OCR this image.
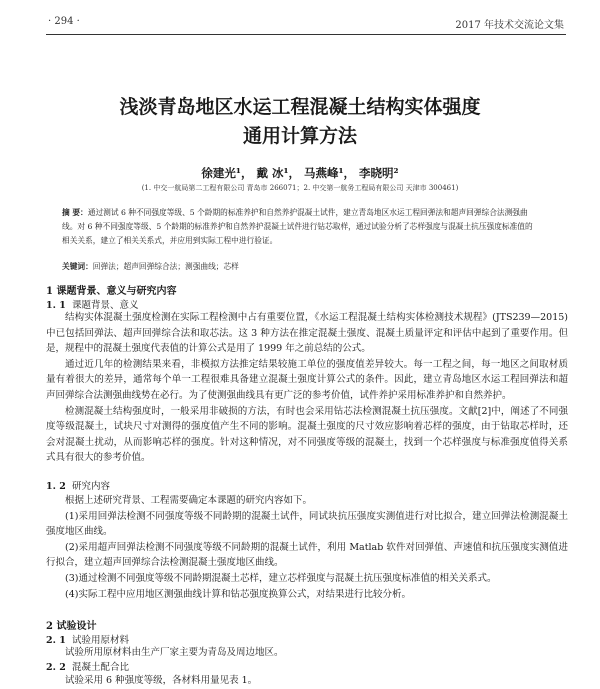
· 294 ·	2017 年技术交流论文集
浅淡青岛地区水运工程混凝土结构实体强度
通用计算方法
徐建光¹， 戴 冰¹， 马燕峰¹， 李晓明²
(1. 中交一航局第二工程有限公司 青岛市 266071；2. 中交第一航务工程局有限公司 天津市 300461)
摘 要：通过测试 6 种不同强度等级、5 个龄期的标准养护和自然养护混凝土试件，建立青岛地区水运工程回弹法和超声回弹综合法测强曲线。对 6 种不同强度等级、5 个龄期的标准养护和自然养护混凝土试件进行钻芯取样，通过试验分析了芯样强度与混凝土抗压强度标准值的相关关系，建立了相关关系式，并应用到实际工程中进行验证。
关键词：回弹法；超声回弹综合法；测强曲线；芯样
1 课题背景、意义与研究内容
1. 1 课题背景、意义

结构实体混凝土强度检测在实际工程检测中占有重要位置，《水运工程混凝土结构实体检测技术规程》(JTS239—2015)中已包括回弹法、超声回弹综合法和取芯法。这 3 种方法在推定混凝土强度、混凝土质量评定和评估中起到了重要作用。但是，规程中的混凝土强度代表值的计算公式是用了 1999 年之前总结的公式。

通过近几年的检测结果来看，非模拟方法推定结果较施工单位的强度值差异较大。每一工程之间，每一地区之间取材质量有着很大的差异，通常每个单一工程很难具备建立混凝土强度计算公式的条件。因此，建立青岛地区水运工程回弹法和超声回弹综合法测强曲线势在必行。为了使测强曲线具有更广泛的参考价值，试件养护采用标准养护和自然养护。

检测混凝土结构强度时，一般采用非破损的方法，有时也会采用钻芯法检测混凝土抗压强度。文献[2]中，阐述了不同强度等级混凝土，试块尺寸对测得的强度值产生不同的影响。混凝土强度的尺寸效应影响着芯样的强度，由于钻取芯样时，还会对混凝土扰动，从而影响芯样的强度。针对这种情况，对不同强度等级的混凝土，找到一个芯样强度与标准强度值得关系式具有很大的参考价值。

1. 2 研究内容

根据上述研究背景、工程需要确定本课题的研究内容如下。

(1)采用回弹法检测不同强度等级不同龄期的混凝土试件，同试块抗压强度实测值进行对比拟合，建立回弹法检测混凝土强度地区曲线。

(2)采用超声回弹法检测不同强度等级不同龄期的混凝土试件，利用 Matlab 软件对回弹值、声速值和抗压强度实测值进行拟合，建立超声回弹综合法检测混凝土强度地区曲线。

(3)通过检测不同强度等级不同龄期混凝土芯样，建立芯样强度与混凝土抗压强度标准值的相关关系式。

(4)实际工程中应用地区测强曲线计算和钻芯强度换算公式，对结果进行比较分析。

2 试验设计
2. 1 试验用原材料

试验所用原材料由生产厂家主要为青岛及周边地区。

2. 2 混凝土配合比

试验采用 6 种强度等级，各材料用量见表 1。
